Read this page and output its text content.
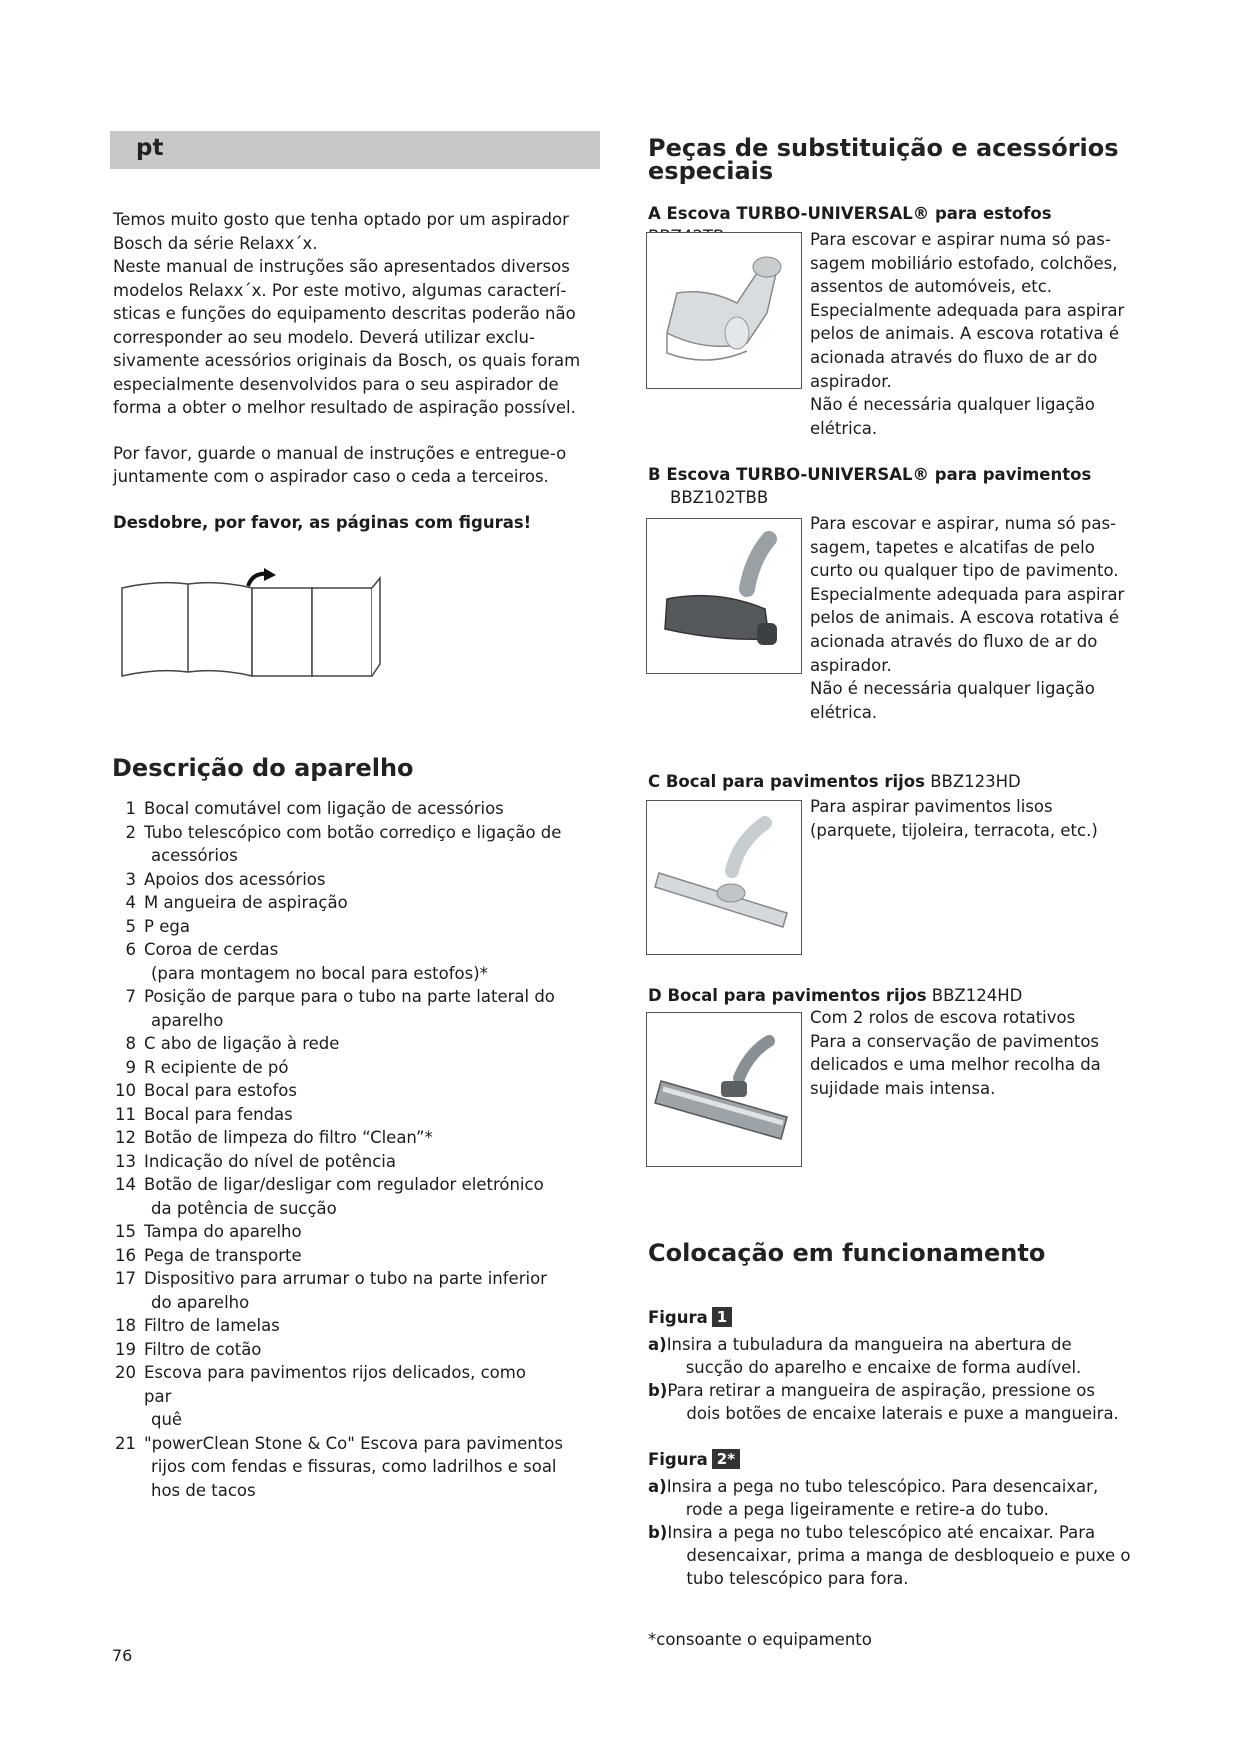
pt

Temos muito gosto que tenha optado por um aspirador Bosch da série Relaxx´x.

Neste manual de instruções são apresentados diversos modelos Relaxx´x. Por este motivo, algumas características e funções do equipamento descritas poderão não corresponder ao seu modelo. Deverá utilizar exclusivamente acessórios originais da Bosch, os quais foram especialmente desenvolvidos para o seu aspirador de forma a obter o melhor resultado de aspiração possível.

Por favor, guarde o manual de instruções e entregue-o juntamente com o aspirador caso o ceda a terceiros.

Desdobre, por favor, as páginas com figuras!

Descrição do aparelho
1 Bocal comutável com ligação de acessórios
2 Tubo telescópico com botão corrediço e ligação de
acessórios
3 Apoios dos acessórios
4 M angueira de aspiração
5 P ega
6 Coroa de cerdas
(para montagem no bocal para estofos)*
7 Posição de parque para o tubo na parte lateral do
aparelho
8 C abo de ligação à rede
9 R ecipiente de pó
10 Bocal para estofos
11 Bocal para fendas
12 Botão de limpeza do filtro “Clean”*
13 Indicação do nível de potência
14 Botão de ligar/desligar com regulador eletrónico
da potência de sucção
15 Tampa do aparelho
16 Pega de transporte
17 Dispositivo para arrumar o tubo na parte inferior
do aparelho
18 Filtro de lamelas
19 Filtro de cotão
20 Escova para pavimentos rijos delicados, como par
quê
21 "powerClean Stone & Co" Escova para pavimentos
rijos com fendas e fissuras, como ladrilhos e soal
hos de tacos
76
Peças de substituição e acessórios
especiais
A Escova TURBO-UNIVERSAL® para estofos
Para escovar e aspirar numa só passagem mobiliário estofado, colchões, assentos de automóveis, etc. Especialmente adequada para aspirar pelos de animais. A escova rotativa é acionada através do fluxo de ar do aspirador.
Não é necessária qualquer ligação elétrica.
B Escova TURBO-UNIVERSAL® para pavimentos
BBZ102TBB
Para escovar e aspirar, numa só passagem, tapetes e alcatifas de pelo curto ou qualquer tipo de pavimento.
Especialmente adequada para aspirar pelos de animais. A escova rotativa é acionada através do fluxo de ar do aspirador.
Não é necessária qualquer ligação elétrica.
C Bocal para pavimentos rijos BBZ123HD
Para aspirar pavimentos lisos (parquete, tijoleira, terracota, etc.)
D Bocal para pavimentos rijos BBZ124HD
Com 2 rolos de escova rotativos
Para a conservação de pavimentos delicados e uma melhor recolha da sujidade mais intensa.
Colocação em funcionamento
Figura 1
a) Insira a tubuladura da mangueira na abertura de
sucção do aparelho e encaixe de forma audível.
b) Para retirar a mangueira de aspiração, pressione os
dois botões de encaixe laterais e puxe a mangueira.
Figura 2*
a) Insira a pega no tubo telescópico. Para desencaixar,
rode a pega ligeiramente e retire-a do tubo.
b) Insira a pega no tubo telescópico até encaixar. Para
desencaixar, prima a manga de desbloqueio e puxe o
tubo telescópico para fora.
*consoante o equipamento
